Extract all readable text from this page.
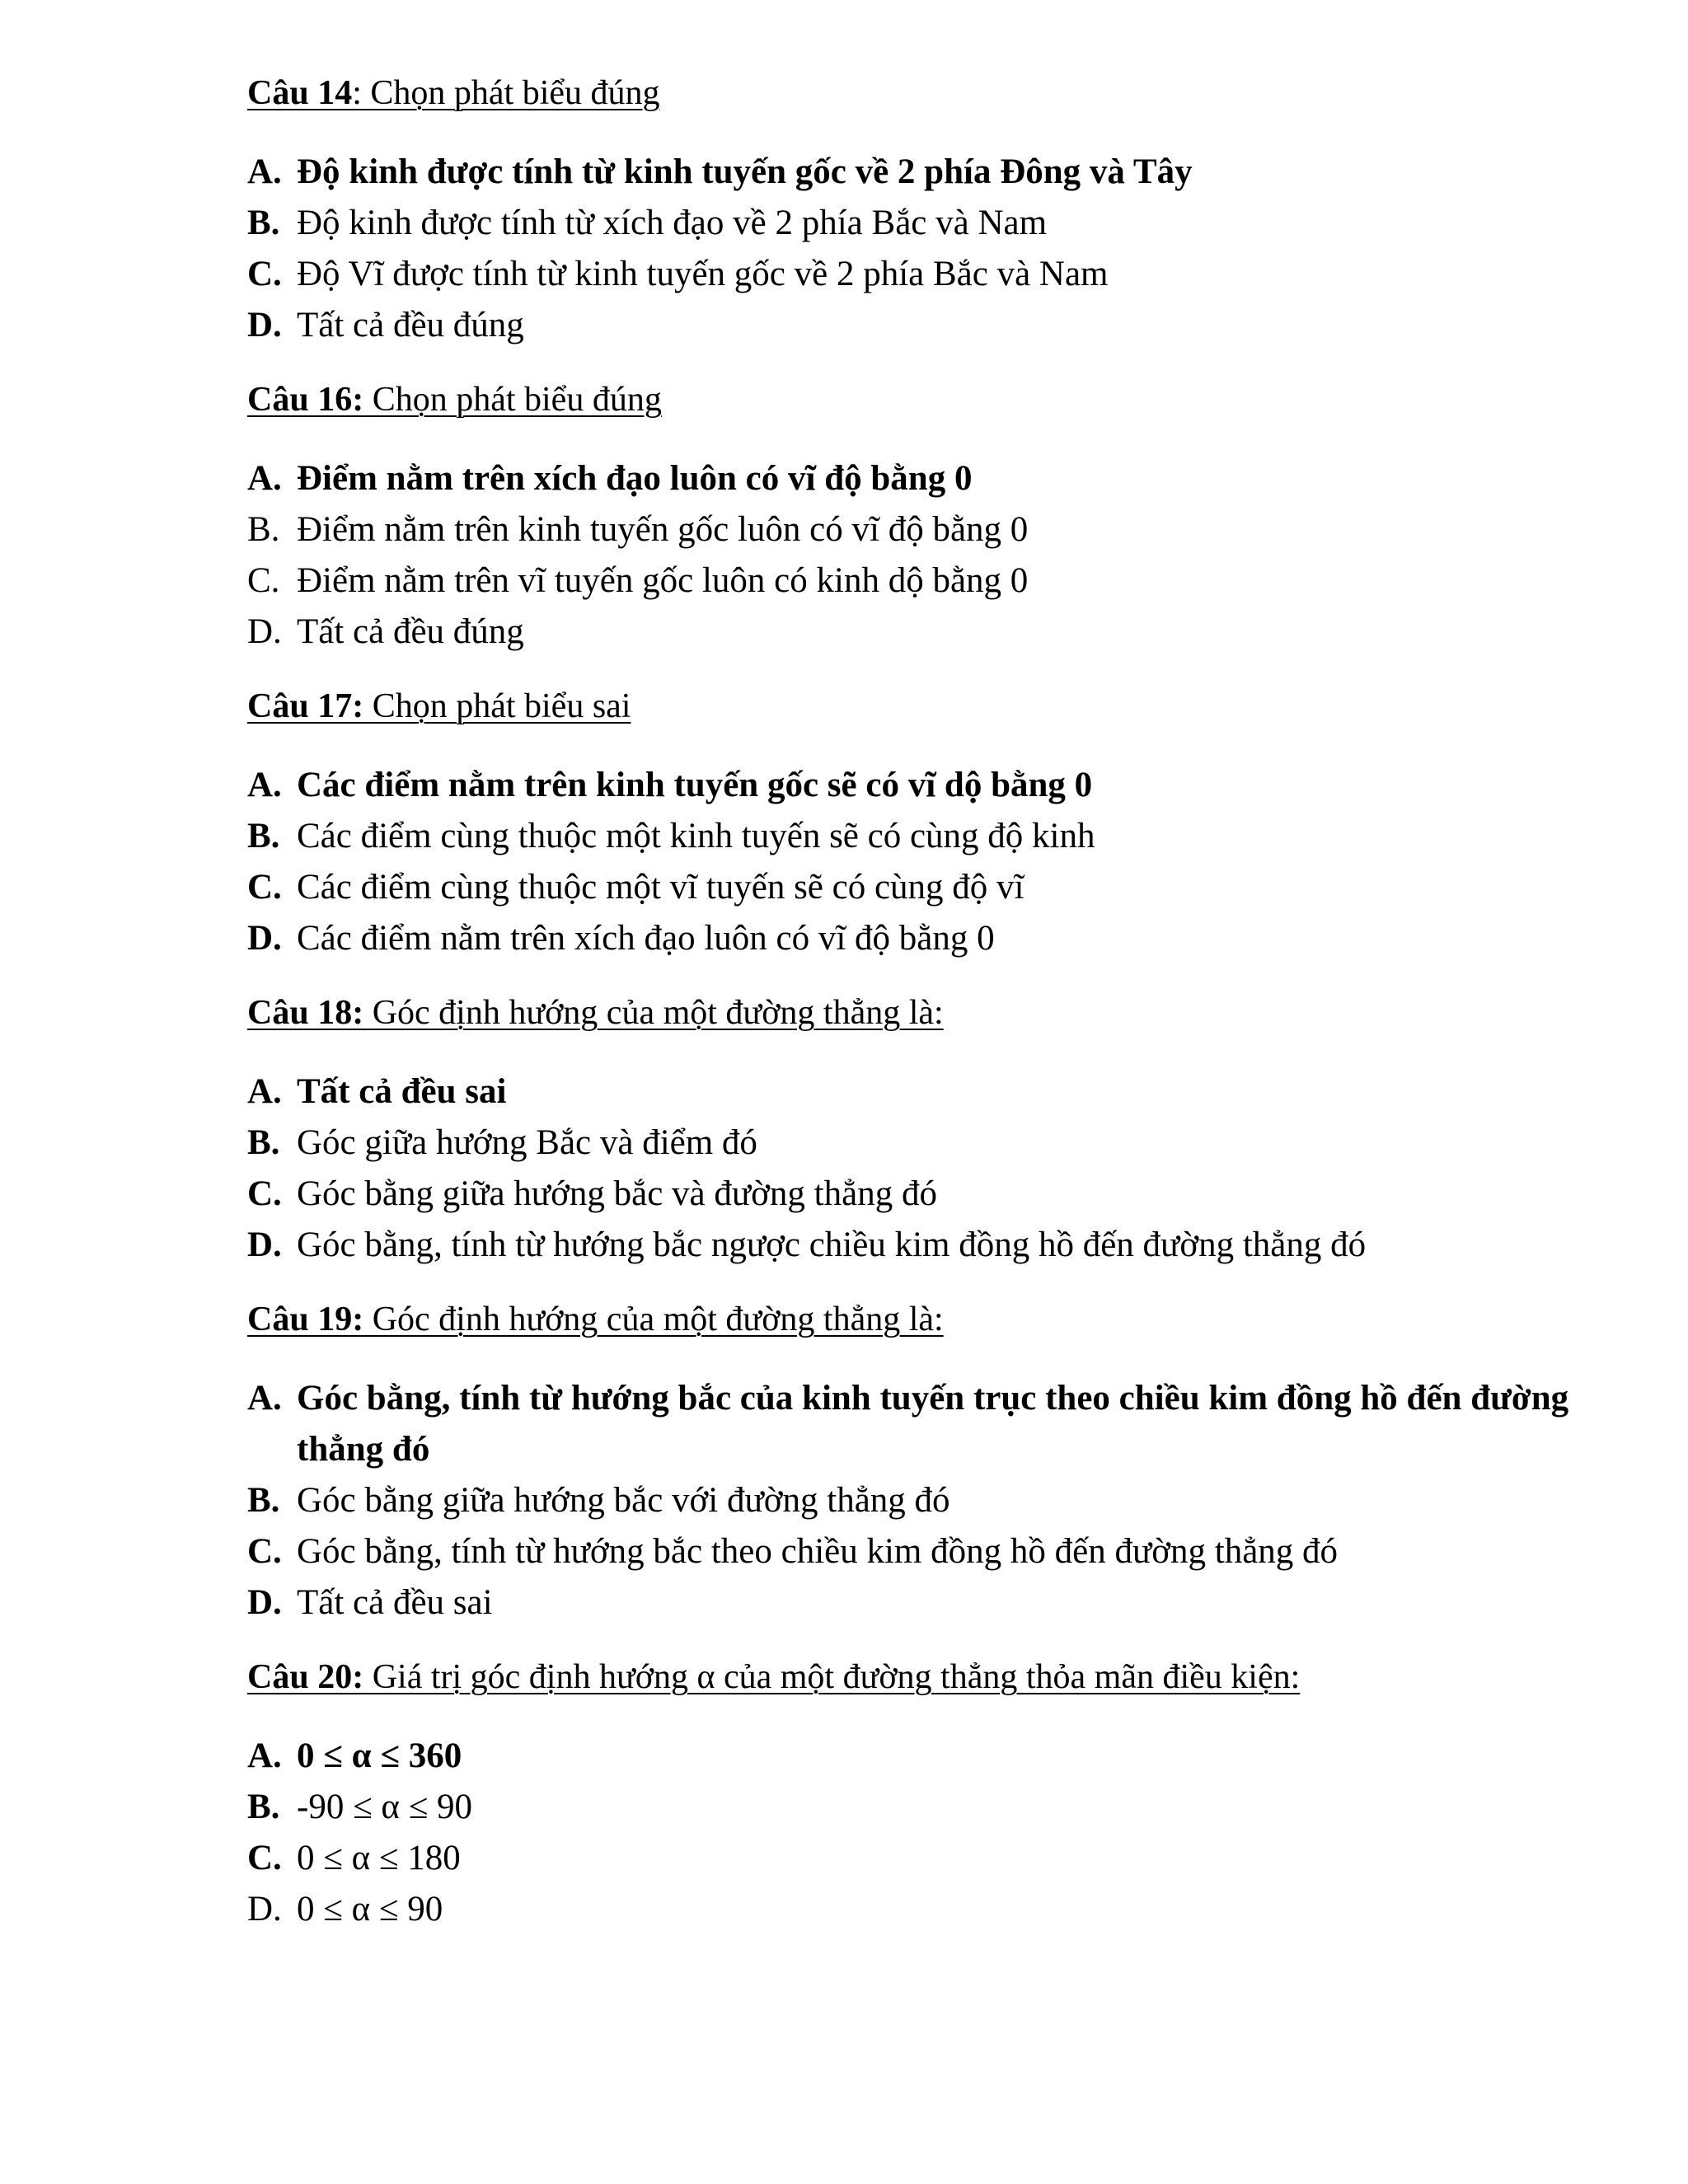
Câu 14: Chọn phát biểu đúng

A. Độ kinh được tính từ kinh tuyến gốc về 2 phía Đông và Tây
B. Độ kinh được tính từ xích đạo về 2 phía Bắc và Nam
C. Độ Vĩ được tính từ kinh tuyến gốc về 2 phía Bắc và Nam
D. Tất cả đều đúng

Câu 16: Chọn phát biểu đúng

A. Điểm nằm trên xích đạo luôn có vĩ độ bằng 0
B. Điểm nằm trên kinh tuyến gốc luôn có vĩ độ bằng 0
C. Điểm nằm trên vĩ tuyến gốc luôn có kinh dộ bằng 0
D. Tất cả đều đúng

Câu 17: Chọn phát biểu sai

A. Các điểm nằm trên kinh tuyến gốc sẽ có vĩ dộ bằng 0
B. Các điểm cùng thuộc một kinh tuyến sẽ có cùng độ kinh
C. Các điểm cùng thuộc một vĩ tuyến sẽ có cùng độ vĩ
D. Các điểm nằm trên xích đạo luôn có vĩ độ bằng 0

Câu 18: Góc định hướng của một đường thẳng là:

A. Tất cả đều sai
B. Góc giữa hướng Bắc và điểm đó
C. Góc bằng giữa hướng bắc và đường thẳng đó
D. Góc bằng, tính từ hướng bắc ngược chiều kim đồng hồ đến đường thẳng đó

Câu 19: Góc định hướng của một đường thẳng là:

A. Góc bằng, tính từ hướng bắc của kinh tuyến trục theo chiều kim đồng hồ đến đường thẳng đó
B. Góc bằng giữa hướng bắc với đường thẳng đó
C. Góc bằng, tính từ hướng bắc theo chiều kim đồng hồ đến đường thẳng đó
D. Tất cả đều sai

Câu 20: Giá trị góc định hướng α của một đường thẳng thỏa mãn điều kiện:

A. 0 ≤ α ≤ 360
B. -90 ≤ α ≤ 90
C. 0 ≤ α ≤ 180
D. 0 ≤ α ≤ 90
